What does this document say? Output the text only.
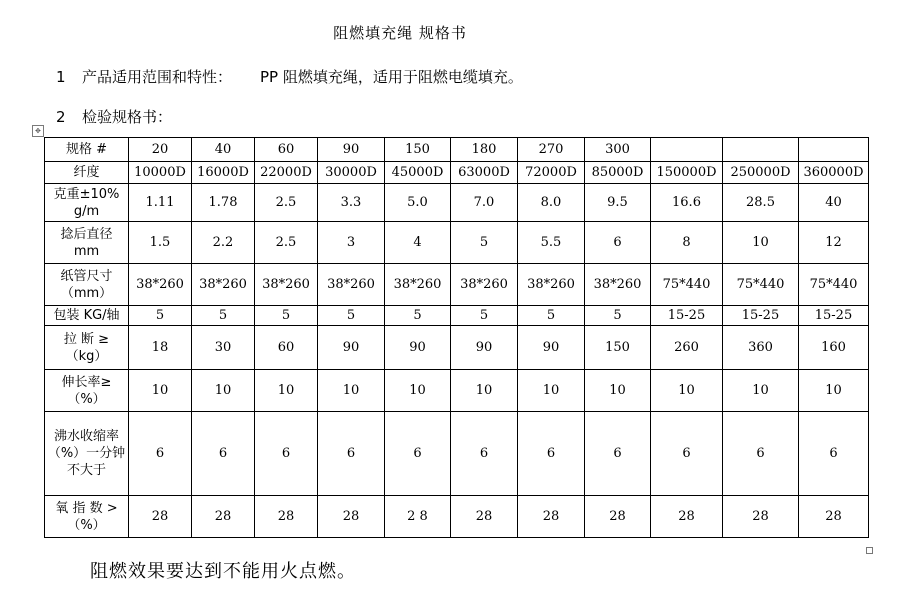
阻燃填充绳 规格书
1 产品适用范围和特性： PP 阻燃填充绳，适用于阻燃电缆填充。
2 检验规格书：
✥
规格 #	20	40	60	90	150	180	270	300			
纤度	10000D	16000D	22000D	30000D	45000D	63000D	72000D	85000D	150000D	250000D	360000D
克重±10% g/m	1.11	1.78	2.5	3.3	5.0	7.0	8.0	9.5	16.6	28.5	40
捻后直径 mm	1.5	2.2	2.5	3	4	5	5.5	6	8	10	12
纸管尺寸 （mm）	38*260	38*260	38*260	38*260	38*260	38*260	38*260	38*260	75*440	75*440	75*440
包装 KG/轴	5	5	5	5	5	5	5	5	15-25	15-25	15-25
拉 断 ≥ （kg）	18	30	60	90	90	90	90	150	260	360	160
伸长率≥ （%）	10	10	10	10	10	10	10	10	10	10	10
沸水收缩率 （%）一分钟不大于	6	6	6	6	6	6	6	6	6	6	6
氧 指 数 > （%）	28	28	28	28	2 8	28	28	28	28	28	28
阻燃效果要达到不能用火点燃。
